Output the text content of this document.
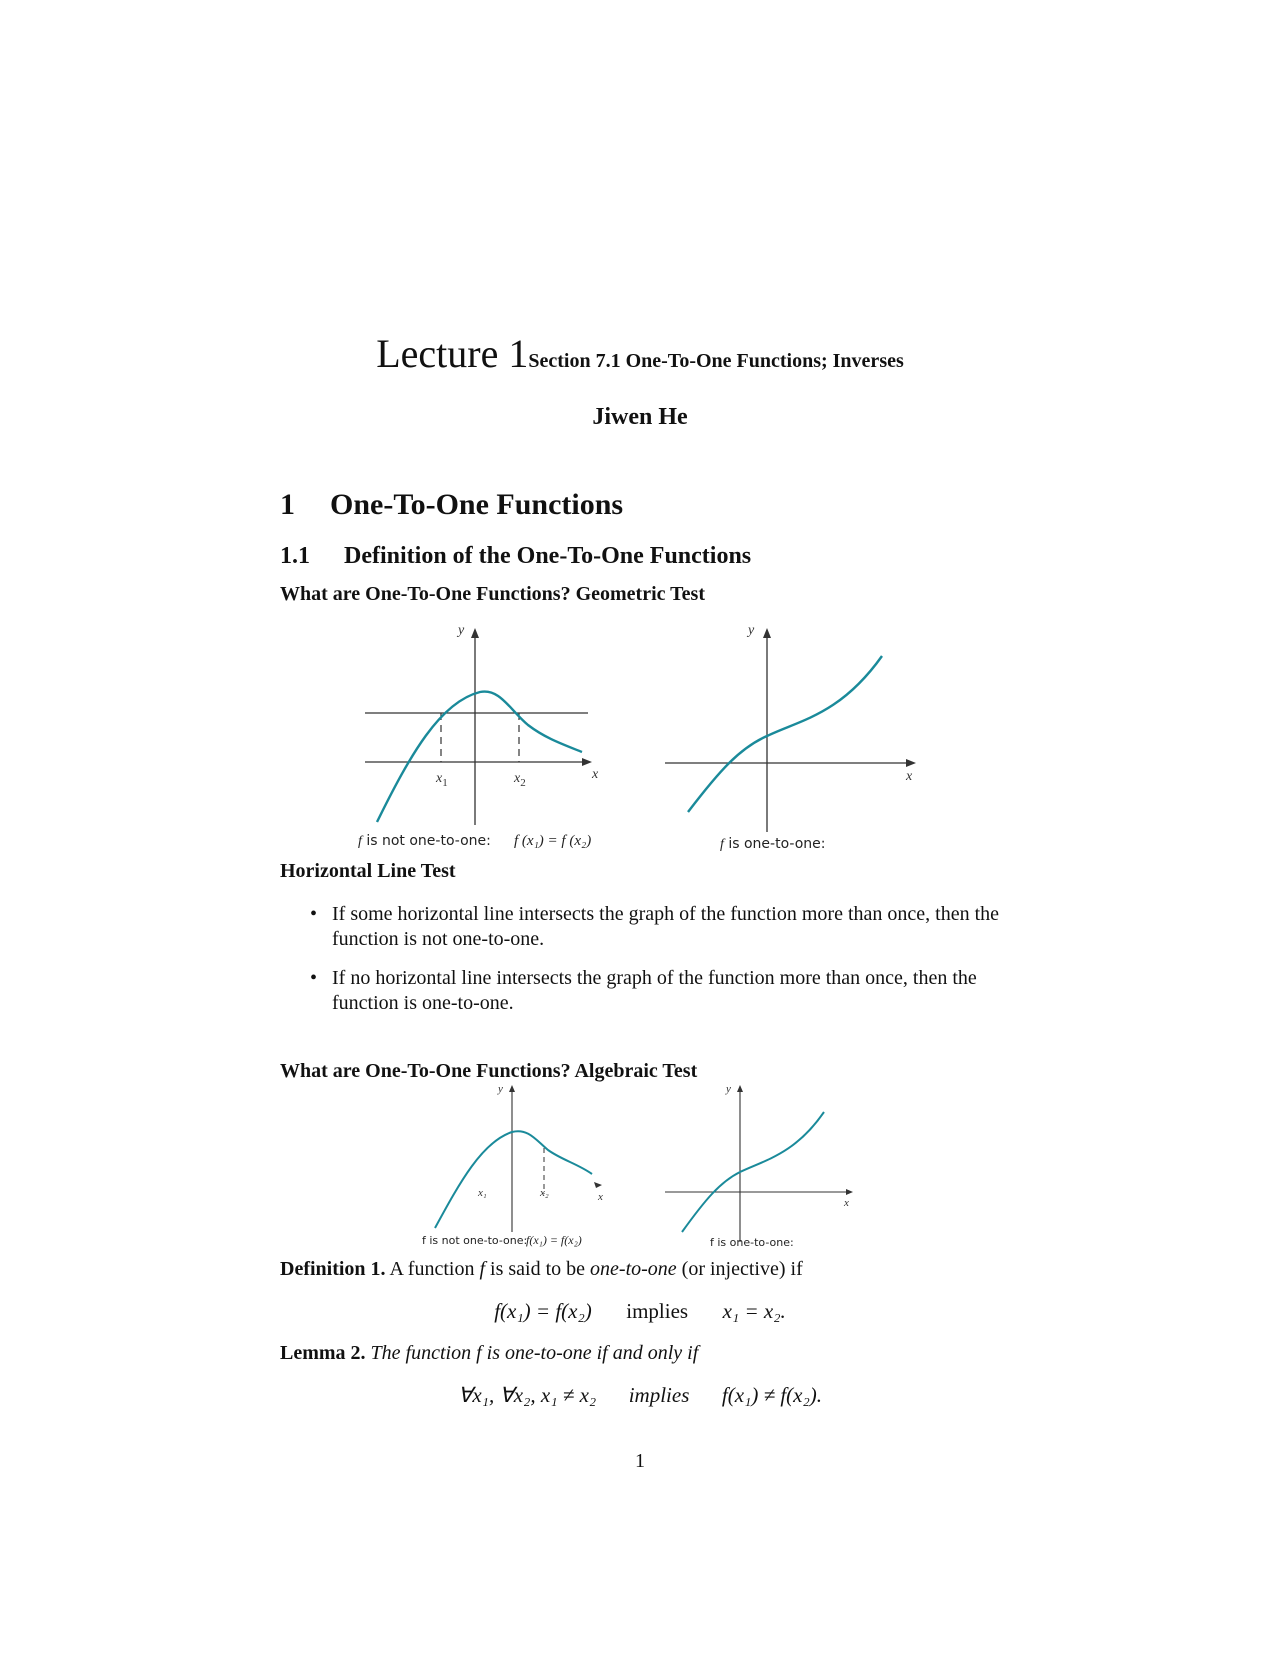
Lecture 1Section 7.1 One-To-One Functions; Inverses
Jiwen He
1 One-To-One Functions
1.1 Definition of the One-To-One Functions
What are One-To-One Functions? Geometric Test
y
x
$x_1$	$x_2$
y
x
f is not one-to-one: f (x₁) = f (x₂)	f is one-to-one:
Horizontal Line Test
• If some horizontal line intersects the graph of the function more than once, then the function is not one-to-one.
• If no horizontal line intersects the graph of the function more than once, then the function is one-to-one.
What are One-To-One Functions? Algebraic Test
y
x
x₁	x₂
y
x
f is not one-to-one:
f(x₁) = f(x₂)	f is one-to-one:
Definition 1. A function f is said to be one-to-one (or injective) if
f(x₁) = f(x₂) implies x₁ = x₂.
Lemma 2. The function f is one-to-one if and only if
∀x₁, ∀x₂, x₁ ≠ x₂ implies f(x₁) ≠ f(x₂).
1
